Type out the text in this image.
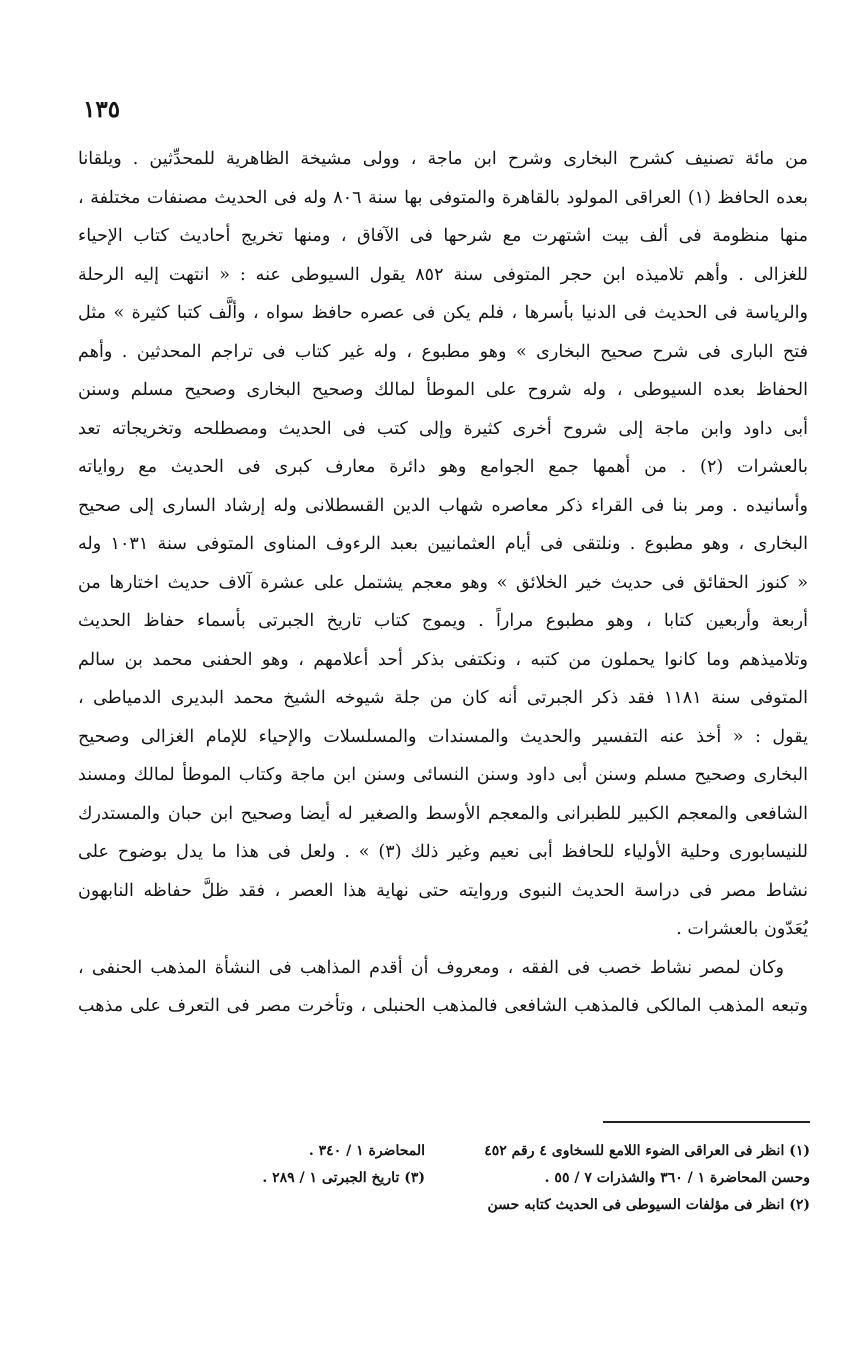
١٣٥
من مائة تصنيف كشرح البخارى وشرح ابن ماجة ، وولى مشيخة الظاهرية للمحدِّثين . ويلقانا
بعده الحافظ (١) العراقى المولود بالقاهرة والمتوفى بها سنة ٨٠٦ وله فى الحديث مصنفات مختلفة ،
منها منظومة فى ألف بيت اشتهرت مع شرحها فى الآفاق ، ومنها تخريج أحاديث كتاب الإحياء
للغزالى . وأهم تلاميذه ابن حجر المتوفى سنة ٨٥٢ يقول السيوطى عنه : « انتهت إليه الرحلة
والرياسة فى الحديث فى الدنيا بأسرها ، فلم يكن فى عصره حافظ سواه ، وألَّف كتبا كثيرة » مثل
فتح البارى فى شرح صحيح البخارى » وهو مطبوع ، وله غير كتاب فى تراجم المحدثين . وأهم
الحفاظ بعده السيوطى ، وله شروح على الموطأ لمالك وصحيح البخارى وصحيح مسلم وسنن
أبى داود وابن ماجة إلى شروح أخرى كثيرة وإلى كتب فى الحديث ومصطلحه وتخريجاته تعد
بالعشرات (٢) . من أهمها جمع الجوامع وهو دائرة معارف كبرى فى الحديث مع رواياته
وأسانيده . ومر بنا فى القراء ذكر معاصره شهاب الدين القسطلانى وله إرشاد السارى إلى صحيح
البخارى ، وهو مطبوع . ونلتقى فى أيام العثمانيين بعبد الرءوف المناوى المتوفى سنة ١٠٣١ وله
« كنوز الحقائق فى حديث خير الخلائق » وهو معجم يشتمل على عشرة آلاف حديث اختارها من
أربعة وأربعين كتابا ، وهو مطبوع مراراً . ويموج كتاب تاريخ الجبرتى بأسماء حفاظ الحديث
وتلاميذهم وما كانوا يحملون من كتبه ، ونكتفى بذكر أحد أعلامهم ، وهو الحفنى محمد بن سالم
المتوفى سنة ١١٨١ فقد ذكر الجبرتى أنه كان من جلة شيوخه الشيخ محمد البديرى الدمياطى ،
يقول : « أخذ عنه التفسير والحديث والمسندات والمسلسلات والإحياء للإمام الغزالى وصحيح
البخارى وصحيح مسلم وسنن أبى داود وسنن النسائى وسنن ابن ماجة وكتاب الموطأ لمالك ومسند
الشافعى والمعجم الكبير للطبرانى والمعجم الأوسط والصغير له أيضا وصحيح ابن حبان والمستدرك
للنيسابورى وحلية الأولياء للحافظ أبى نعيم وغير ذلك (٣) » . ولعل فى هذا ما يدل بوضوح على
نشاط مصر فى دراسة الحديث النبوى وروايته حتى نهاية هذا العصر ، فقد ظلَّ حفاظه النابهون
يُعَدّون بالعشرات .
وكان لمصر نشاط خصب فى الفقه ، ومعروف أن أقدم المذاهب فى النشأة المذهب الحنفى ،
وتبعه المذهب المالكى فالمذهب الشافعى فالمذهب الحنبلى ، وتأخرت مصر فى التعرف على مذهب
(١) انظر فى العراقى الضوء اللامع للسخاوى ٤ رقم ٤٥٢
المحاضرة ١ / ٣٤٠ .
وحسن المحاضرة ١ / ٣٦٠ والشذرات ٧ / ٥٥ .
(٣) تاريخ الجبرتى ١ / ٢٨٩ .
(٢) انظر فى مؤلفات السيوطى فى الحديث كتابه حسن
